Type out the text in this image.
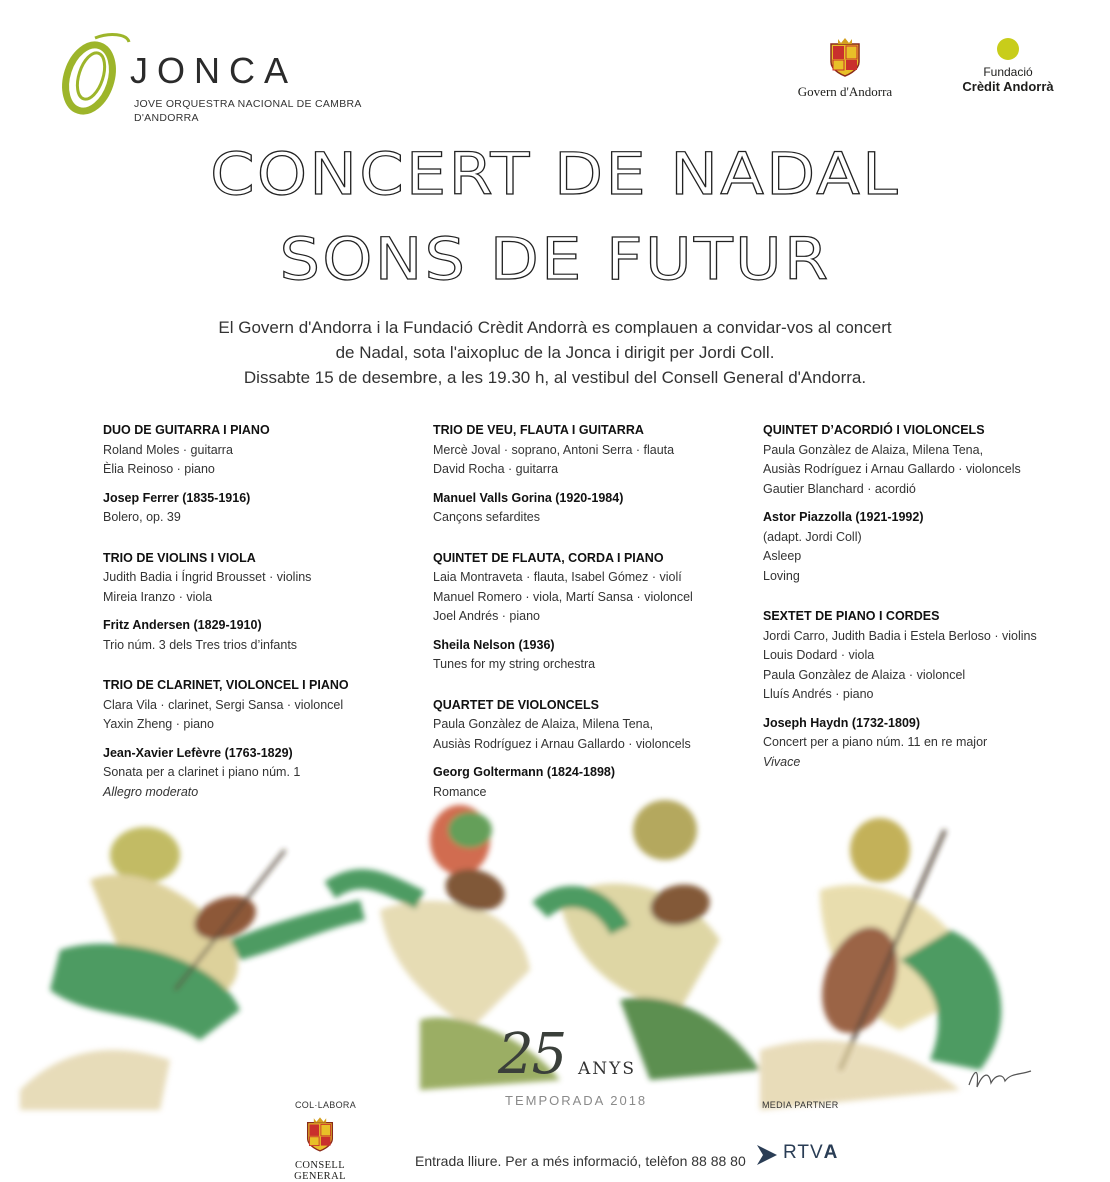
JONCA
JOVE ORQUESTRA NACIONAL DE CAMBRA
D'ANDORRA
Govern d'Andorra
Fundació
Crèdit Andorrà
CONCERT DE NADAL
SONS DE FUTUR
El Govern d'Andorra i la Fundació Crèdit Andorrà es complauen a convidar-vos al concert
de Nadal, sota l'aixopluc de la Jonca i dirigit per Jordi Coll.
Dissabte 15 de desembre, a les 19.30 h, al vestibul del Consell General d'Andorra.
DUO DE GUITARRA I PIANO
Roland Moles · guitarra
Èlia Reinoso · piano
Josep Ferrer (1835-1916)
Bolero, op. 39
TRIO DE VIOLINS I VIOLA
Judith Badia i Íngrid Brousset · violins
Mireia Iranzo · viola
Fritz Andersen (1829-1910)
Trio núm. 3 dels Tres trios d’infants
TRIO DE CLARINET, VIOLONCEL I PIANO
Clara Vila · clarinet, Sergi Sansa · violoncel
Yaxin Zheng · piano
Jean-Xavier Lefèvre (1763-1829)
Sonata per a clarinet i piano núm. 1
Allegro moderato
TRIO DE VEU, FLAUTA I GUITARRA
Mercè Joval · soprano, Antoni Serra · flauta
David Rocha · guitarra
Manuel Valls Gorina (1920-1984)
Cançons sefardites
QUINTET DE FLAUTA, CORDA I PIANO
Laia Montraveta · flauta, Isabel Gómez · violí
Manuel Romero · viola, Martí Sansa · violoncel
Joel Andrés · piano
Sheila Nelson (1936)
Tunes for my string orchestra
QUARTET DE VIOLONCELS
Paula Gonzàlez de Alaiza, Milena Tena,
Ausiàs Rodríguez i Arnau Gallardo · violoncels
Georg Goltermann (1824-1898)
Romance
QUINTET D’ACORDIÓ I VIOLONCELS
Paula Gonzàlez de Alaiza, Milena Tena,
Ausiàs Rodríguez i Arnau Gallardo · violoncels
Gautier Blanchard · acordió
Astor Piazzolla (1921-1992)
(adapt. Jordi Coll)
Asleep
Loving
SEXTET DE PIANO I CORDES
Jordi Carro, Judith Badia i Estela Berloso · violins
Louis Dodard · viola
Paula Gonzàlez de Alaiza · violoncel
Lluís Andrés · piano
Joseph Haydn (1732-1809)
Concert per a piano núm. 11 en re major
Vivace
25 ANYS
TEMPORADA 2018
COL·LABORA
CONSELL GENERAL
Entrada lliure. Per a més informació, telèfon 88 88 80
MEDIA PARTNER
RTVA
